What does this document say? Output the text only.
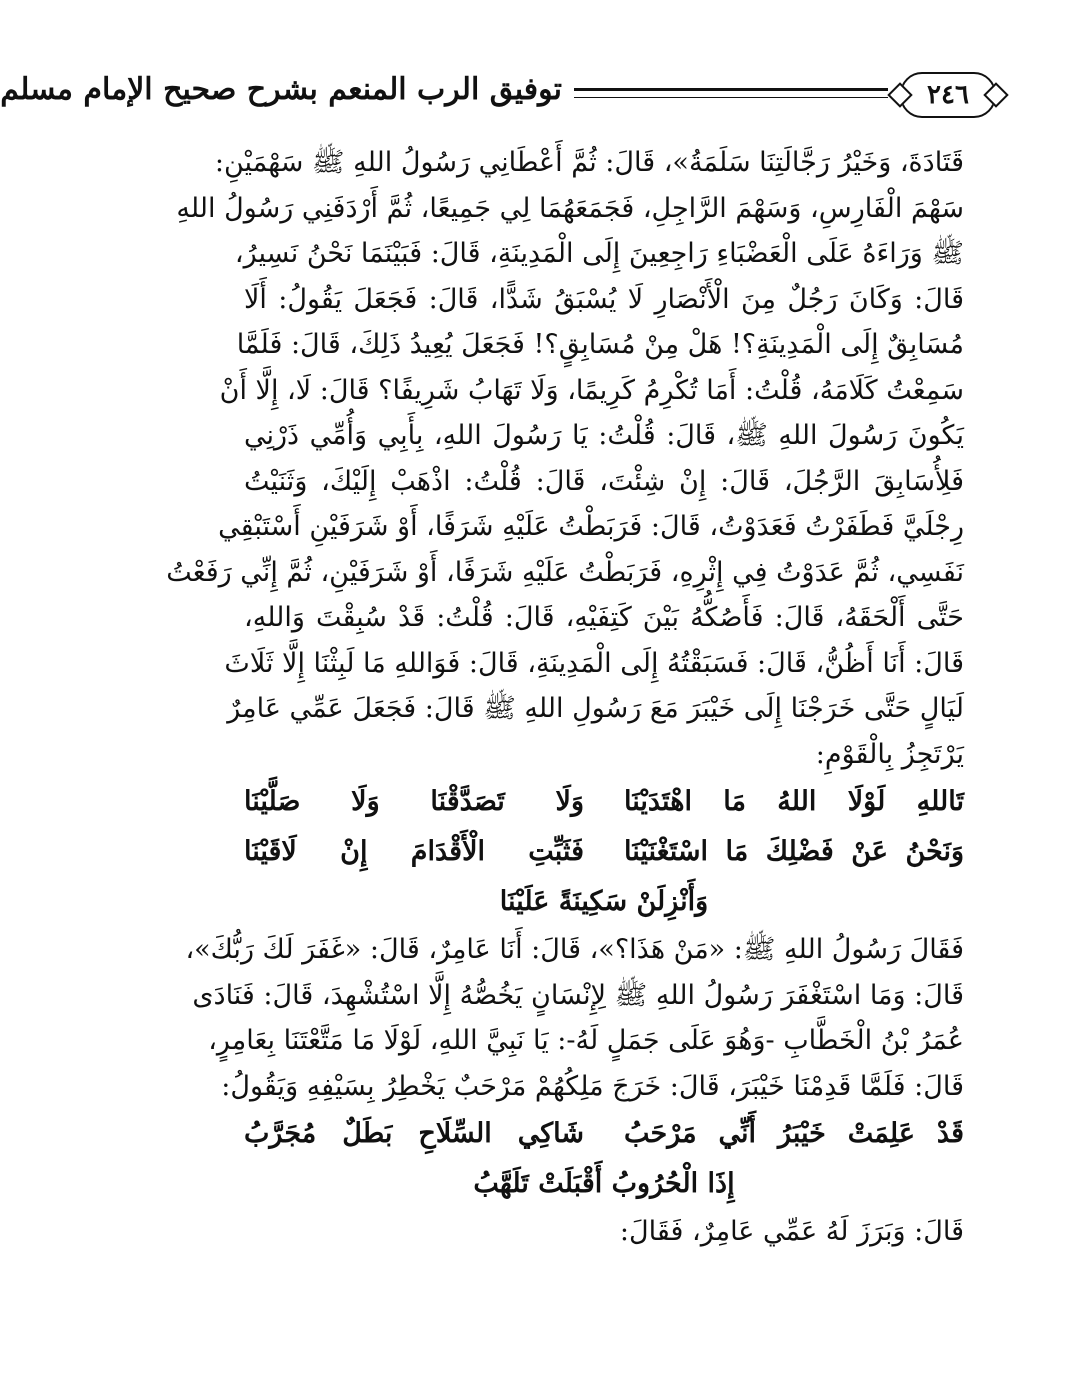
٢٤٦
توفيق الرب المنعم بشرح صحيح الإمام مسلم
قَتَادَةَ، وَخَيْرُ رَجَّالَتِنَا سَلَمَةُ»، قَالَ: ثُمَّ أَعْطَانِي رَسُولُ اللهِ ﷺ سَهْمَيْنِ:
سَهْمَ الْفَارِسِ، وَسَهْمَ الرَّاجِلِ، فَجَمَعَهُمَا لِي جَمِيعًا، ثُمَّ أَرْدَفَنِي رَسُولُ اللهِ
ﷺ وَرَاءَهُ عَلَى الْعَضْبَاءِ رَاجِعِينَ إِلَى الْمَدِينَةِ، قَالَ: فَبَيْنَمَا نَحْنُ نَسِيرُ،
قَالَ: وَكَانَ رَجُلٌ مِنَ الْأَنْصَارِ لَا يُسْبَقُ شَدًّا، قَالَ: فَجَعَلَ يَقُولُ: أَلَا
مُسَابِقٌ إِلَى الْمَدِينَةِ؟! هَلْ مِنْ مُسَابِقٍ؟! فَجَعَلَ يُعِيدُ ذَلِكَ، قَالَ: فَلَمَّا
سَمِعْتُ كَلَامَهُ، قُلْتُ: أَمَا تُكْرِمُ كَرِيمًا، وَلَا تَهَابُ شَرِيفًا؟ قَالَ: لَا، إِلَّا أَنْ
يَكُونَ رَسُولَ اللهِ ﷺ، قَالَ: قُلْتُ: يَا رَسُولَ اللهِ، بِأَبِي وَأُمِّي ذَرْنِي
فَلِأُسَابِقَ الرَّجُلَ، قَالَ: إِنْ شِئْتَ، قَالَ: قُلْتُ: اذْهَبْ إِلَيْكَ، وَثَنَيْتُ
رِجْلَيَّ فَطَفَرْتُ فَعَدَوْتُ، قَالَ: فَرَبَطْتُ عَلَيْهِ شَرَفًا، أَوْ شَرَفَيْنِ أَسْتَبْقِي
نَفَسِي، ثُمَّ عَدَوْتُ فِي إِثْرِهِ، فَرَبَطْتُ عَلَيْهِ شَرَفًا، أَوْ شَرَفَيْنِ، ثُمَّ إِنِّي رَفَعْتُ
حَتَّى أَلْحَقَهُ، قَالَ: فَأَصُكُّهُ بَيْنَ كَتِفَيْهِ، قَالَ: قُلْتُ: قَدْ سُبِقْتَ وَاللهِ،
قَالَ: أَنَا أَظُنُّ، قَالَ: فَسَبَقْتُهُ إِلَى الْمَدِينَةِ، قَالَ: فَوَاللهِ مَا لَبِثْنَا إِلَّا ثَلَاثَ
لَيَالٍ حَتَّى خَرَجْنَا إِلَى خَيْبَرَ مَعَ رَسُولِ اللهِ ﷺ قَالَ: فَجَعَلَ عَمِّي عَامِرٌ
يَرْتَجِزُ بِالْقَوْمِ:
تَاللهِ لَوْلَا اللهُ مَا اهْتَدَيْنَا
وَلَا تَصَدَّقْنَا وَلَا صَلَّيْنَا
وَنَحْنُ عَنْ فَضْلِكَ مَا اسْتَغْنَيْنَا
فَثَبِّتِ الْأَقْدَامَ إِنْ لَاقَيْنَا
وَأَنْزِلَنْ سَكِينَةً عَلَيْنَا
فَقَالَ رَسُولُ اللهِ ﷺ: «مَنْ هَذَا؟»، قَالَ: أَنَا عَامِرٌ، قَالَ: «غَفَرَ لَكَ رَبُّكَ»،
قَالَ: وَمَا اسْتَغْفَرَ رَسُولُ اللهِ ﷺ لِإِنْسَانٍ يَخُصُّهُ إِلَّا اسْتُشْهِدَ، قَالَ: فَنَادَى
عُمَرُ بْنُ الْخَطَّابِ -وَهُوَ عَلَى جَمَلٍ لَهُ-: يَا نَبِيَّ اللهِ، لَوْلَا مَا مَتَّعْتَنَا بِعَامِرٍ،
قَالَ: فَلَمَّا قَدِمْنَا خَيْبَرَ، قَالَ: خَرَجَ مَلِكُهُمْ مَرْحَبٌ يَخْطِرُ بِسَيْفِهِ وَيَقُولُ:
قَدْ عَلِمَتْ خَيْبَرُ أَنِّي مَرْحَبُ
شَاكِي السِّلَاحِ بَطَلٌ مُجَرَّبُ
إِذَا الْحُرُوبُ أَقْبَلَتْ تَلَهَّبُ
قَالَ: وَبَرَزَ لَهُ عَمِّي عَامِرٌ، فَقَالَ:
